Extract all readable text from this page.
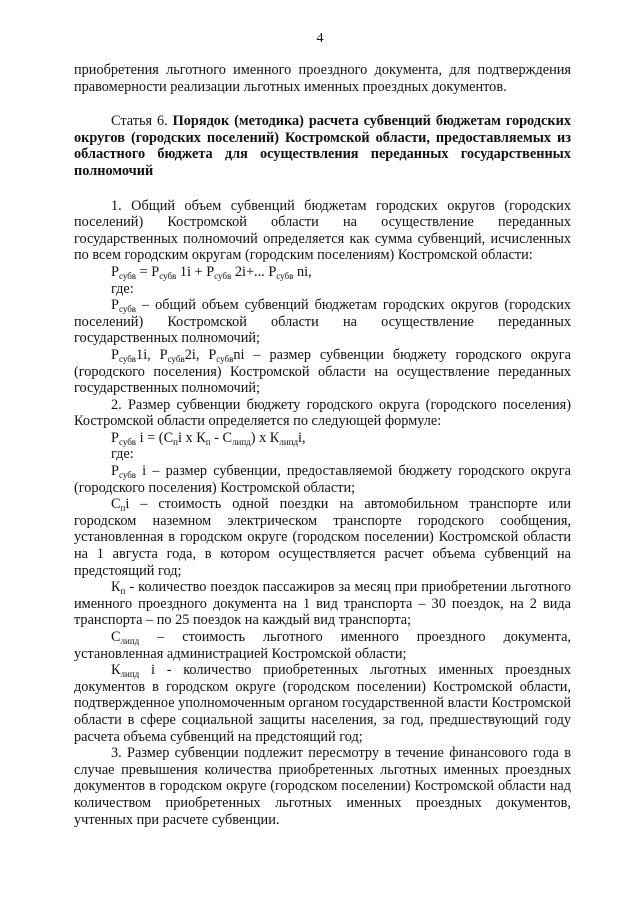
4

приобретения льготного именного проездного документа, для подтверждения правомерности реализации льготных именных проездных документов.

Статья 6. Порядок (методика) расчета субвенций бюджетам городских округов (городских поселений) Костромской области, предоставляемых из областного бюджета для осуществления переданных государственных полномочий

1. Общий объем субвенций бюджетам городских округов (городских поселений) Костромской области на осуществление переданных государственных полномочий определяется как сумма субвенций, исчисленных по всем городским округам (городским поселениям) Костромской области:

$Р_{субв} = Р_{субв}$ $1i + Р_{субв}$ 2i+... $Р_{субв}$ ni,

где:

$Р_{субв}$ – общий объем субвенций бюджетам городских округов (городских поселений) Костромской области на осуществление переданных государственных полномочий;

$Р_{субв}1i$, $Р_{субв}2i$, $Р_{субв}ni$ – размер субвенции бюджету городского округа (городского поселения) Костромской области на осуществление переданных государственных полномочий;

2. Размер субвенции бюджету городского округа (городского поселения) Костромской области определяется по следующей формуле:

$Р_{субв}$ $i = (С_пi$ х $К_п - С_{липд}$) х $К_{липд}i$,

где:

$Р_{субв}$ i – размер субвенции, предоставляемой бюджету городского округа (городского поселения) Костромской области;

$С_пi$ – стоимость одной поездки на автомобильном транспорте или городском наземном электрическом транспорте городского сообщения, установленная в городском округе (городском поселении) Костромской области на 1 августа года, в котором осуществляется расчет объема субвенций на предстоящий год;

$К_п$ - количество поездок пассажиров за месяц при приобретении льготного именного проездного документа на 1 вид транспорта – 30 поездок, на 2 вида транспорта – по 25 поездок на каждый вид транспорта;

$С_{липд}$ – стоимость льготного именного проездного документа, установленная администрацией Костромской области;

$К_{липд}$ i - количество приобретенных льготных именных проездных документов в городском округе (городском поселении) Костромской области, подтвержденное уполномоченным органом государственной власти Костромской области в сфере социальной защиты населения, за год, предшествующий году расчета объема субвенций на предстоящий год;

3. Размер субвенции подлежит пересмотру в течение финансового года в случае превышения количества приобретенных льготных именных проездных документов в городском округе (городском поселении) Костромской области над количеством приобретенных льготных именных проездных документов, учтенных при расчете субвенции.
